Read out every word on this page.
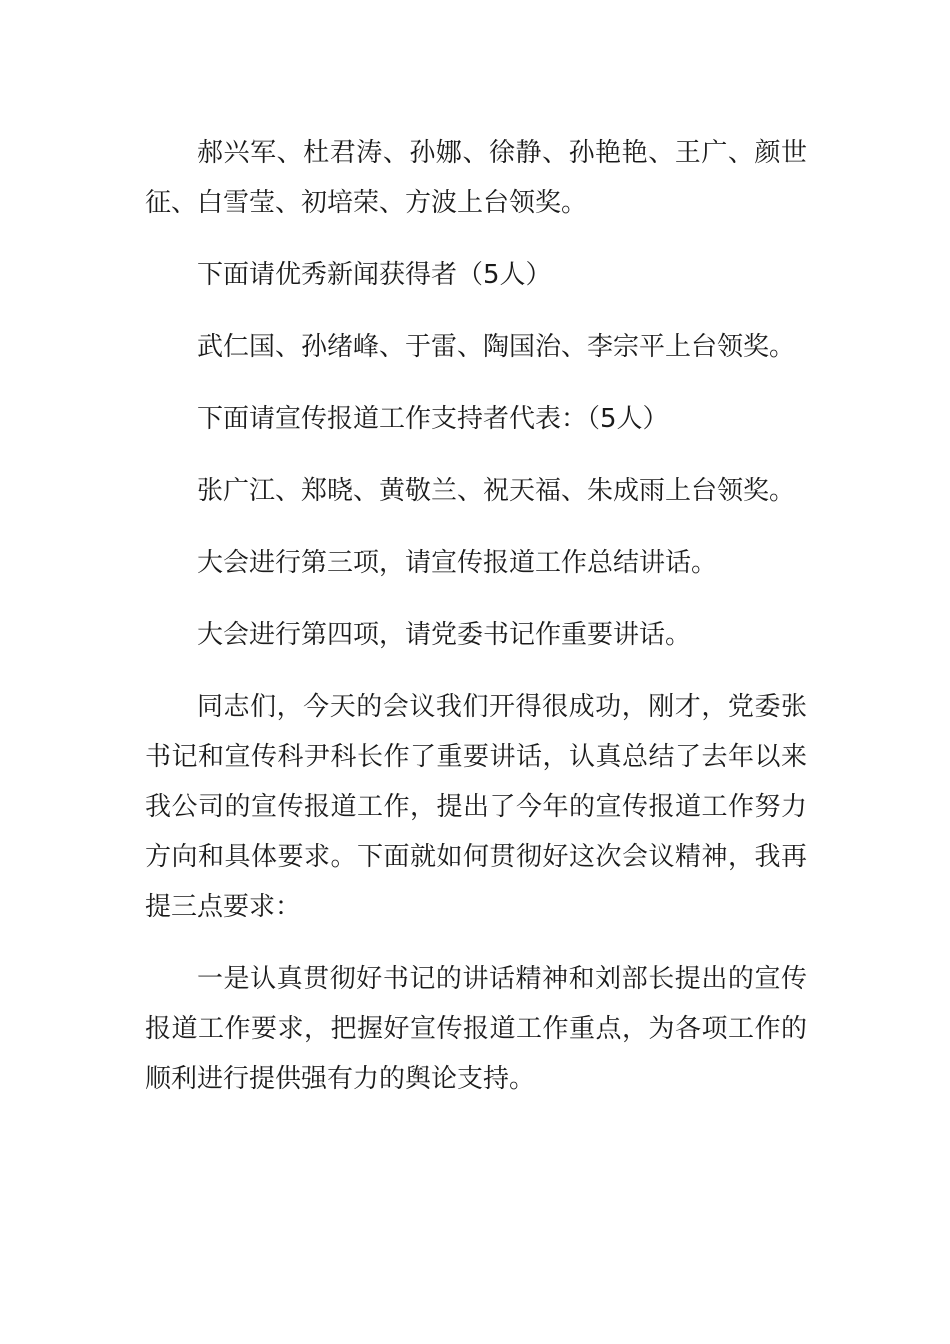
郝兴军、杜君涛、孙娜、徐静、孙艳艳、王广、颜世征、白雪莹、初培荣、方波上台领奖。

下面请优秀新闻获得者（5人）

武仁国、孙绪峰、于雷、陶国治、李宗平上台领奖。

下面请宣传报道工作支持者代表：（5人）

张广江、郑晓、黄敬兰、祝天福、朱成雨上台领奖。

大会进行第三项，请宣传报道工作总结讲话。

大会进行第四项，请党委书记作重要讲话。

同志们，今天的会议我们开得很成功，刚才，党委张书记和宣传科尹科长作了重要讲话，认真总结了去年以来我公司的宣传报道工作，提出了今年的宣传报道工作努力方向和具体要求。下面就如何贯彻好这次会议精神，我再提三点要求：

一是认真贯彻好书记的讲话精神和刘部长提出的宣传报道工作要求，把握好宣传报道工作重点，为各项工作的顺利进行提供强有力的舆论支持。
